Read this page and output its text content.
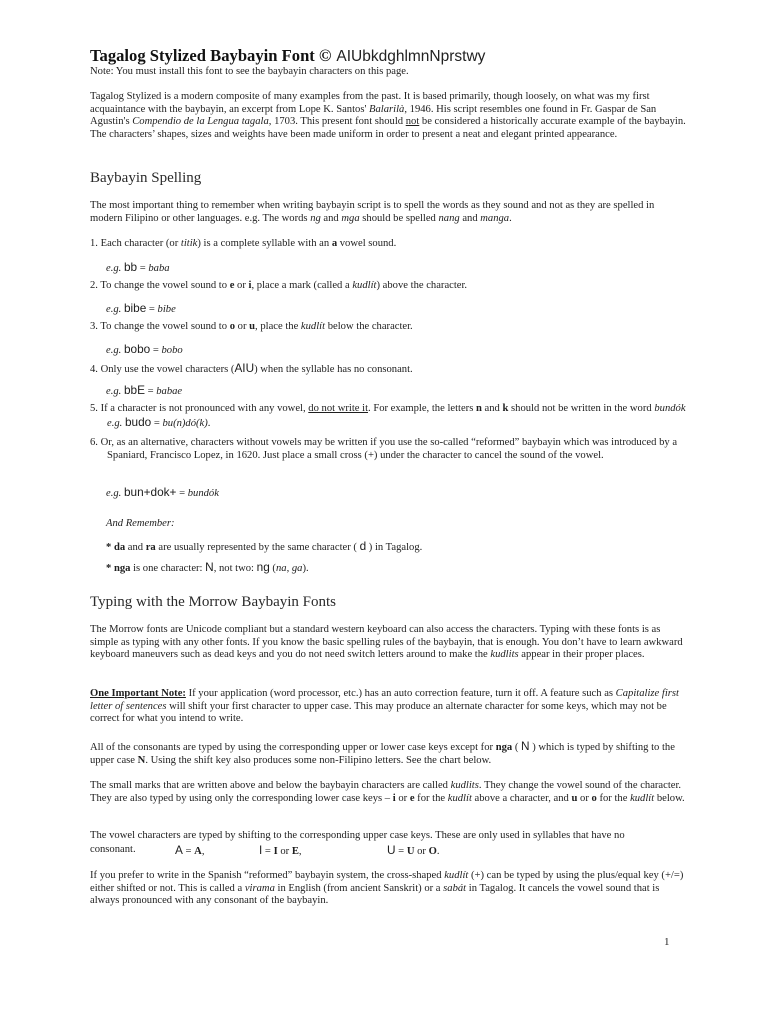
Tagalog Stylized Baybayin Font © AIUbkdghlmnNprstwy
Note: You must install this font to see the baybayin characters on this page.
Tagalog Stylized is a modern composite of many examples from the past. It is based primarily, though loosely, on what was my first acquaintance with the baybayin, an excerpt from Lope K. Santos' Balarilà, 1946. His script resembles one found in Fr. Gaspar de San Agustin's Compendio de la Lengua tagala, 1703. This present font should not be considered a historically accurate example of the baybayin. The characters’ shapes, sizes and weights have been made uniform in order to present a neat and elegant printed appearance.
Baybayin Spelling
The most important thing to remember when writing baybayin script is to spell the words as they sound and not as they are spelled in modern Filipino or other languages. e.g. The words ng and mga should be spelled nang and manga.
1. Each character (or titik) is a complete syllable with an a vowel sound.
e.g. bb = baba
2. To change the vowel sound to e or i, place a mark (called a kudlít) above the character.
e.g. bibe = bibe
3. To change the vowel sound to o or u, place the kudlít below the character.
e.g. bobo = bobo
4. Only use the vowel characters (AIU) when the syllable has no consonant.
e.g. bbE = babae
5. If a character is not pronounced with any vowel, do not write it. For example, the letters n and k should not be written in the word bundók e.g. budo = bu(n)dó(k).
6. Or, as an alternative, characters without vowels may be written if you use the so-called “reformed” baybayin which was introduced by a Spaniard, Francisco Lopez, in 1620. Just place a small cross (+) under the character to cancel the sound of the vowel.
e.g. bun+dok+ = bundók
And Remember:
* da and ra are usually represented by the same character ( d ) in Tagalog.
* nga is one character: N, not two: ng (na, ga).
Typing with the Morrow Baybayin Fonts
The Morrow fonts are Unicode compliant but a standard western keyboard can also access the characters. Typing with these fonts is as simple as typing with any other fonts. If you know the basic spelling rules of the baybayin, that is enough. You don’t have to learn awkward keyboard maneuvers such as dead keys and you do not need switch letters around to make the kudlits appear in their proper places.
One Important Note: If your application (word processor, etc.) has an auto correction feature, turn it off. A feature such as Capitalize first letter of sentences will shift your first character to upper case. This may produce an alternate character for some keys, which may not be correct for what you intend to write.
All of the consonants are typed by using the corresponding upper or lower case keys except for nga ( N ) which is typed by shifting to the upper case N. Using the shift key also produces some non-Filipino letters. See the chart below.
The small marks that are written above and below the baybayin characters are called kudlits. They change the vowel sound of the character. They are also typed by using only the corresponding lower case keys – i or e for the kudlít above a character, and u or o for the kudlít below.
The vowel characters are typed by shifting to the corresponding upper case keys. These are only used in syllables that have no
consonant.	A = A,	I = I or E,	U = U or O.
If you prefer to write in the Spanish “reformed” baybayin system, the cross-shaped kudlít (+) can be typed by using the plus/equal key (+/=) either shifted or not. This is called a virama in English (from ancient Sanskrit) or a sabát in Tagalog. It cancels the vowel sound that is always pronounced with any consonant of the baybayin.
1
